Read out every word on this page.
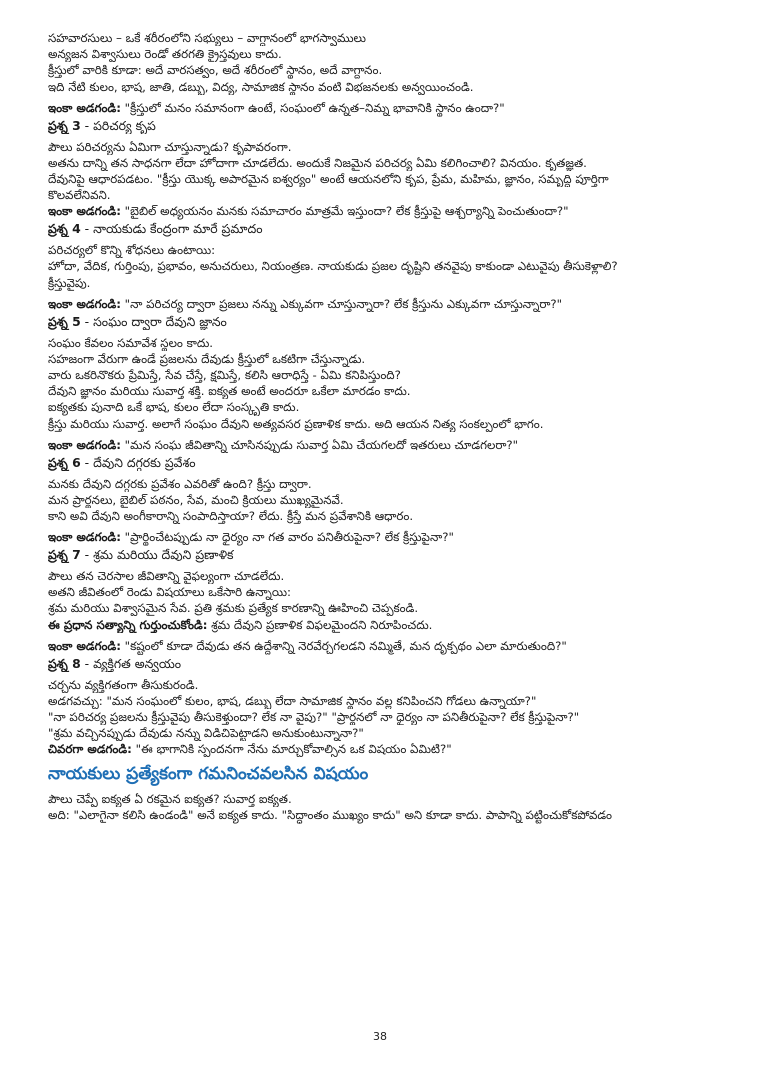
సహవారసులు – ఒకే శరీరంలోని సభ్యులు – వాగ్దానంలో భాగస్వాములు
అన్యజన విశ్వాసులు రెండో తరగతి క్రైస్తవులు కాదు.
క్రీస్తులో వారికి కూడా: అదే వారసత్వం, అదే శరీరంలో స్థానం, అదే వాగ్దానం.
ఇది నేటి కులం, భాష, జాతి, డబ్బు, విద్య, సామాజిక స్థానం వంటి విభజనలకు అన్వయించండి.
ఇంకా అడగండి: "క్రీస్తులో మనం సమానంగా ఉంటే, సంఘంలో ఉన్నత–నిమ్న భావానికి స్థానం ఉందా?"
ప్రశ్న 3 - పరిచర్య కృప
పౌలు పరిచర్యను ఏమిగా చూస్తున్నాడు? కృపావరంగా.
అతను దాన్ని తన సాధనగా లేదా హోదాగా చూడలేదు. అందుకే నిజమైన పరిచర్య ఏమి కలిగించాలి? వినయం. కృతజ్ఞత.
దేవునిపై ఆధారపడటం. "క్రీస్తు యొక్క అపారమైన ఐశ్వర్యం" అంటే ఆయనలోని కృప, ప్రేమ, మహిమ, జ్ఞానం, సమృద్ధి పూర్తిగా
కొలవలేనివని.
ఇంకా అడగండి: "బైబిల్ అధ్యయనం మనకు సమాచారం మాత్రమే ఇస్తుందా? లేక క్రీస్తుపై ఆశ్చర్యాన్ని పెంచుతుందా?"
ప్రశ్న 4 - నాయకుడు కేంద్రంగా మారే ప్రమాదం
పరిచర్యలో కొన్ని శోధనలు ఉంటాయి:
హోదా, వేదిక, గుర్తింపు, ప్రభావం, అనుచరులు, నియంత్రణ. నాయకుడు ప్రజల దృష్టిని తనవైపు కాకుండా ఎటువైపు తీసుకెళ్లాలి?
క్రీస్తువైపు.
ఇంకా అడగండి: "నా పరిచర్య ద్వారా ప్రజలు నన్ను ఎక్కువగా చూస్తున్నారా? లేక క్రీస్తును ఎక్కువగా చూస్తున్నారా?"
ప్రశ్న 5 - సంఘం ద్వారా దేవుని జ్ఞానం
సంఘం కేవలం సమావేశ స్థలం కాదు.
సహజంగా వేరుగా ఉండే ప్రజలను దేవుడు క్రీస్తులో ఒకటిగా చేస్తున్నాడు.
వారు ఒకరినొకరు ప్రేమిస్తే, సేవ చేస్తే, క్షమిస్తే, కలిసి ఆరాధిస్తే - ఏమి కనిపిస్తుంది?
దేవుని జ్ఞానం మరియు సువార్త శక్తి. ఐక్యత అంటే అందరూ ఒకేలా మారడం కాదు.
ఐక్యతకు పునాది ఒకే భాష, కులం లేదా సంస్కృతి కాదు.
క్రీస్తు మరియు సువార్త. అలాగే సంఘం దేవుని అత్యవసర ప్రణాళిక కాదు. అది ఆయన నిత్య సంకల్పంలో భాగం.
ఇంకా అడగండి: "మన సంఘ జీవితాన్ని చూసినప్పుడు సువార్త ఏమి చేయగలదో ఇతరులు చూడగలరా?"
ప్రశ్న 6 - దేవుని దగ్గరకు ప్రవేశం
మనకు దేవుని దగ్గరకు ప్రవేశం ఎవరితో ఉంది? క్రీస్తు ద్వారా.
మన ప్రార్థనలు, బైబిల్ పఠనం, సేవ, మంచి క్రియలు ముఖ్యమైనవే.
కాని అవి దేవుని అంగీకారాన్ని సంపాదిస్తాయా? లేదు. క్రీస్తే మన ప్రవేశానికి ఆధారం.
ఇంకా అడగండి: "ప్రార్థించేటప్పుడు నా ధైర్యం నా గత వారం పనితీరుపైనా? లేక క్రీస్తుపైనా?"
ప్రశ్న 7 - శ్రమ మరియు దేవుని ప్రణాళిక
పౌలు తన చెరసాల జీవితాన్ని వైఫల్యంగా చూడలేదు.
అతని జీవితంలో రెండు విషయాలు ఒకేసారి ఉన్నాయి:
శ్రమ మరియు విశ్వాసమైన సేవ. ప్రతి శ్రమకు ప్రత్యేక కారణాన్ని ఊహించి చెప్పకండి.
ఈ ప్రధాన సత్యాన్ని గుర్తుంచుకోండి: శ్రమ దేవుని ప్రణాళిక విఫలమైందని నిరూపించదు.
ఇంకా అడగండి: "కష్టంలో కూడా దేవుడు తన ఉద్దేశాన్ని నెరవేర్చగలడని నమ్మితే, మన దృక్పథం ఎలా మారుతుంది?"
ప్రశ్న 8 - వ్యక్తిగత అన్వయం
చర్చను వ్యక్తిగతంగా తీసుకురండి.
అడగవచ్చు: "మన సంఘంలో కులం, భాష, డబ్బు లేదా సామాజిక స్థానం వల్ల కనిపించని గోడలు ఉన్నాయా?"
"నా పరిచర్య ప్రజలను క్రీస్తువైపు తీసుకెళ్తుందా? లేక నా వైపు?" "ప్రార్థనలో నా ధైర్యం నా పనితీరుపైనా? లేక క్రీస్తుపైనా?"
"శ్రమ వచ్చినప్పుడు దేవుడు నన్ను విడిచిపెట్టాడని అనుకుంటున్నానా?"
చివరగా అడగండి: "ఈ భాగానికి స్పందనగా నేను మార్చుకోవాల్సిన ఒక విషయం ఏమిటి?"
నాయకులు ప్రత్యేకంగా గమనించవలసిన విషయం
పౌలు చెప్పే ఐక్యత ఏ రకమైన ఐక్యత? సువార్త ఐక్యత.
అది: "ఎలాగైనా కలిసి ఉండండి" అనే ఐక్యత కాదు. "సిద్ధాంతం ముఖ్యం కాదు" అని కూడా కాదు. పాపాన్ని పట్టించుకోకపోవడం
38
